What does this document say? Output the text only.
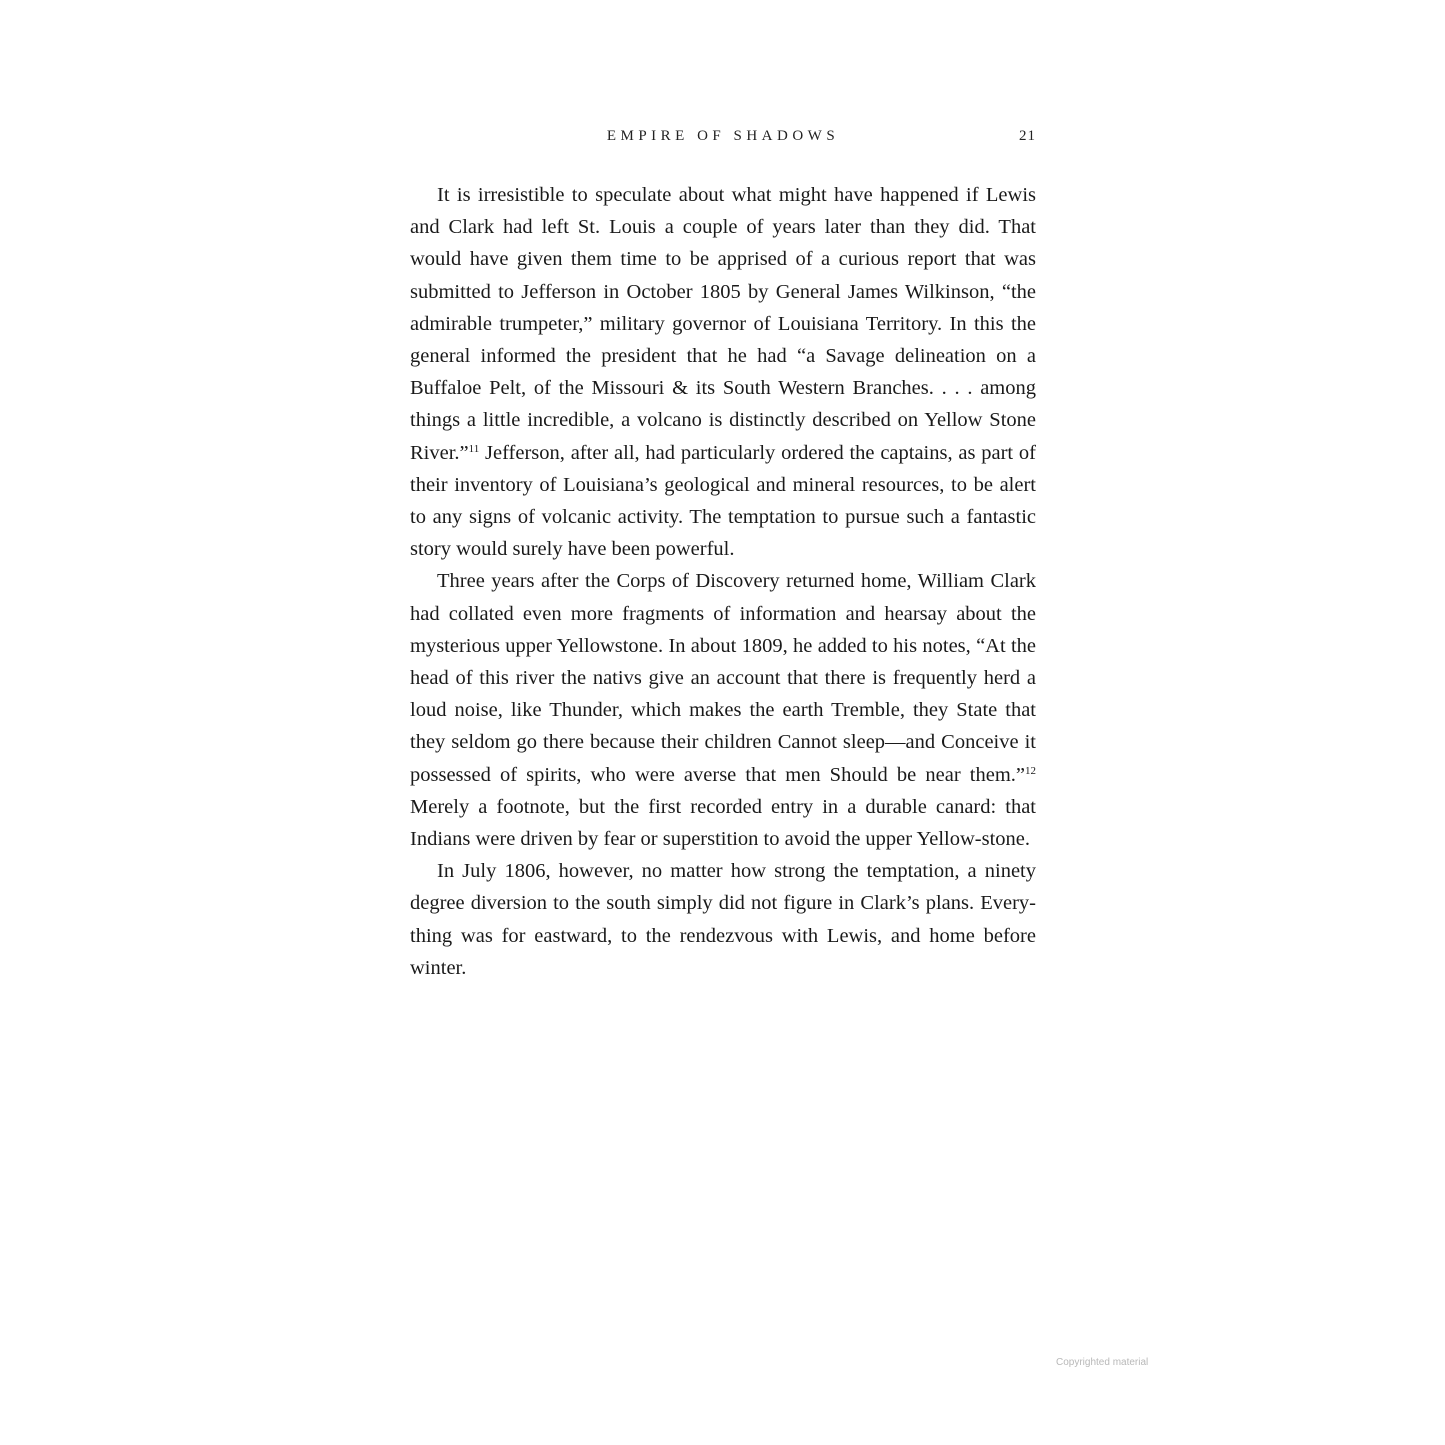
EMPIRE OF SHADOWS	21

It is irresistible to speculate about what might have happened if Lewis and Clark had left St. Louis a couple of years later than they did. That would have given them time to be apprised of a curious report that was submitted to Jefferson in October 1805 by General James Wilkinson, “the admirable trumpeter,” military governor of Louisiana Territory. In this the general informed the president that he had “a Savage delineation on a Buffaloe Pelt, of the Missouri & its South Western Branches. . . . among things a little incredible, a volcano is distinctly described on Yellow Stone River.”$^{11}$ Jefferson, after all, had particularly ordered the captains, as part of their inventory of Louisiana’s geological and mineral resources, to be alert to any signs of volcanic activity. The temptation to pursue such a fantastic story would surely have been powerful.

Three years after the Corps of Discovery returned home, William Clark had collated even more fragments of information and hearsay about the mysterious upper Yellowstone. In about 1809, he added to his notes, “At the head of this river the nativs give an account that there is frequently herd a loud noise, like Thunder, which makes the earth Tremble, they State that they seldom go there because their children Cannot sleep—and Conceive it possessed of spirits, who were averse that men Should be near them.”$^{12}$ Merely a footnote, but the first recorded entry in a durable canard: that Indians were driven by fear or superstition to avoid the upper Yellow-stone.

In July 1806, however, no matter how strong the temptation, a ninety degree diversion to the south simply did not figure in Clark’s plans. Every-thing was for eastward, to the rendezvous with Lewis, and home before winter.

Copyrighted material
